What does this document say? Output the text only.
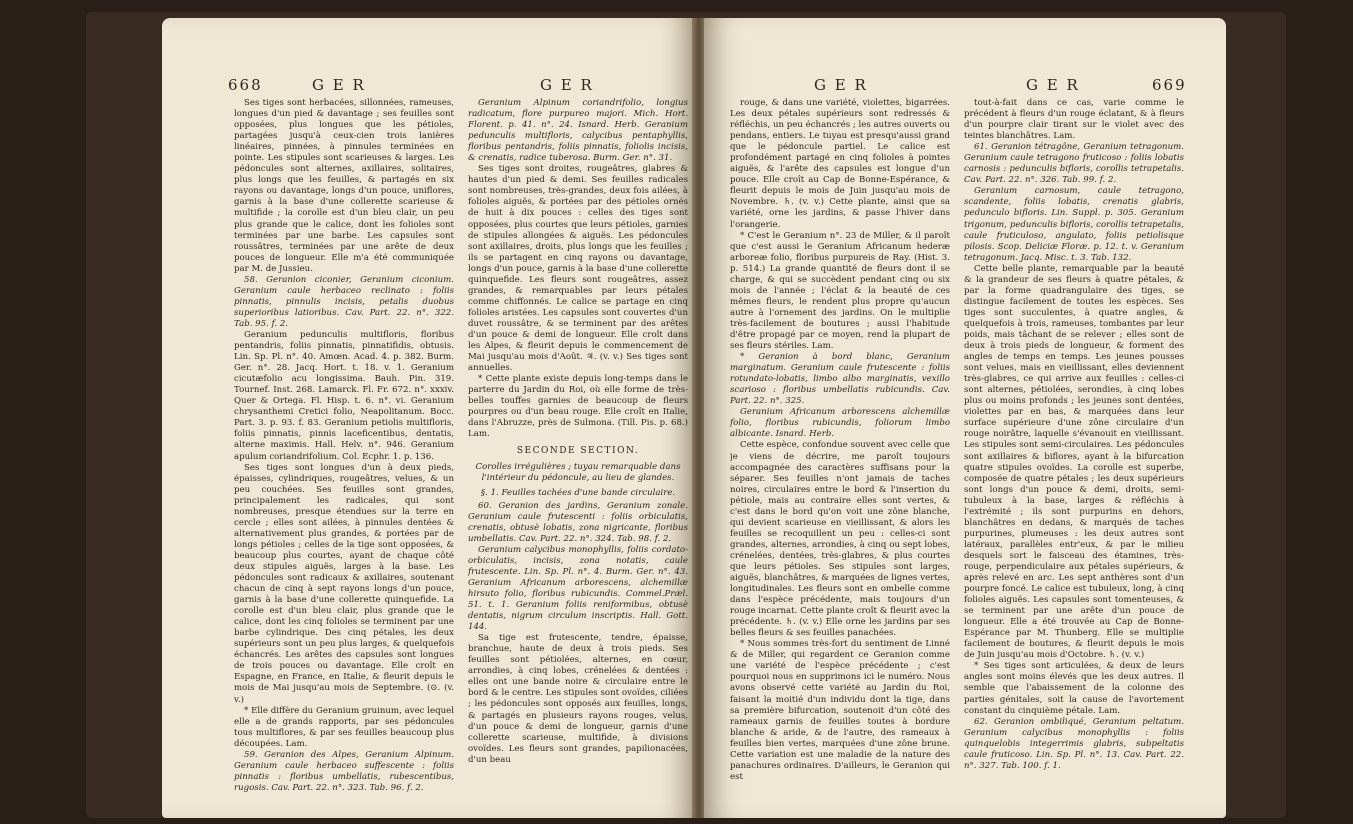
668	G E R	G E R

Ses tiges sont herbacées, sillonnées, rameuses, longues d'un pied & davantage ; ses feuilles sont opposées, plus longues que les pétioles, partagées jusqu'à ceux-cien trois lanières linéaires, pinnées, à pinnules terminées en pointe. Les stipules sont scarieuses & larges. Les pédoncules sont alternes, axillaires, solitaires, plus longs que les feuilles, & partagés en six rayons ou davantage, longs d'un pouce, uniflores, garnis à la base d'une collerette scarieuse & multifide ; la corolle est d'un bleu clair, un peu plus grande que le calice, dont les folioles sont terminées par une barbe. Les capsules sont roussâtres, terminées par une arête de deux pouces de longueur. Elle m'a été communiquée par M. de Jussieu.

58. Geranion ciconier, Geranium ciconium. Geranium caule herbaceo reclinato : foliis pinnatis, pinnulis incisis, petalis duobus superioribus latioribus. Cav. Part. 22. n°. 322. Tab. 95. f. 2.

Geranium pedunculis multifloris, floribus pentandris, foliis pinnatis, pinnatifidis, obtusis. Lin. Sp. Pl. n°. 40. Amœn. Acad. 4. p. 382. Burm. Ger. n°. 28. Jacq. Hort. t. 18. v. 1. Geranium cicutæfolio acu longissima. Bauh. Pin. 319. Tournef. Inst. 268. Lamarck. Fl. Fr. 672. n°. xxxiv. Quer & Ortega. Fl. Hisp. t. 6. n°. vi. Geranium chrysanthemi Cretici folio, Neapolitanum. Bocc. Part. 3. p. 93. f. 83. Geranium petiolis multifloris, foliis pinnatis, pinnis laceficentibus, dentatis, alterne maximis. Hall. Helv. n°. 946. Geranium apulum coriandrifolium. Col. Ecphr. 1. p. 136.

Ses tiges sont longues d'un à deux pieds, épaisses, cylindriques, rougeâtres, velues, & un peu couchées. Ses feuilles sont grandes, principalement les radicales, qui sont nombreuses, presque étendues sur la terre en cercle ; elles sont ailées, à pinnules dentées & alternativement plus grandes, & portées par de longs pétioles ; celles de la tige sont opposées, & beaucoup plus courtes, ayant de chaque côté deux stipules aiguës, larges à la base. Les pédoncules sont radicaux & axillaires, soutenant chacun de cinq à sept rayons longs d'un pouce, garnis à la base d'une collerette quinquefide. La corolle est d'un bleu clair, plus grande que le calice, dont les cinq folioles se terminent par une barbe cylindrique. Des cinq pétales, les deux supérieurs sont un peu plus larges, & quelquefois échancrés. Les arêtes des capsules sont longues de trois pouces ou davantage. Elle croît en Espagne, en France, en Italie, & fleurit depuis le mois de Mai jusqu'au mois de Septembre. (⊙. (v. v.)

* Elle diffère du Geranium gruinum, avec lequel elle a de grands rapports, par ses pédoncules tous multiflores, & par ses feuilles beaucoup plus découpées. Lam.

59. Geranion des Alpes, Geranium Alpinum. Geranium caule herbaceo suffescente : foliis pinnatis : floribus umbellatis, rubescentibus, rugosis. Cav. Part. 22. n°. 323. Tab. 96. f. 2.

Geranium Alpinum coriandrifolio, longius radicatum, flore purpureo majori. Mich. Hort. Florent. p. 41. n°. 24. Isnard. Herb. Geranium pedunculis multifloris, calycibus pentaphyllis, floribus pentandris, foliis pinnatis, foliolis incisis, & crenatis, radice tuberosa. Burm. Ger. n°. 31.

Ses tiges sont droites, rougeâtres, glabres & hautes d'un pied & demi. Ses feuilles radicales sont nombreuses, très-grandes, deux fois ailées, à folioles aiguës, & portées par des pétioles ornés de huit à dix pouces : celles des tiges sont opposées, plus courtes que leurs pétioles, garnies de stipules allongées & aiguës. Les pédoncules sont axillaires, droits, plus longs que les feuilles ; ils se partagent en cinq rayons ou davantage, longs d'un pouce, garnis à la base d'une collerette quinquefide. Les fleurs sont rougeâtres, assez grandes, & remarquables par leurs pétales comme chiffonnés. Le calice se partage en cinq folioles aristées. Les capsules sont couvertes d'un duvet roussâtre, & se terminent par des arêtes d'un pouce & demi de longueur. Elle croît dans les Alpes, & fleurit depuis le commencement de Mai jusqu'au mois d'Août. ♃. (v. v.) Ses tiges sont annuelles.

* Cette plante existe depuis long-temps dans le parterre du Jardin du Roi, où elle forme de très-belles touffes garnies de beaucoup de fleurs pourpres ou d'un beau rouge. Elle croît en Italie, dans l'Abruzze, près de Sulmona. (Till. Pis. p. 68.) Lam.

SECONDE SECTION.

Corolles irrégulières ; tuyau remarquable dans l'intérieur du pédoncule, au lieu de glandes.

§. 1. Feuilles tachées d'une bande circulaire.

60. Geranion des jardins, Geranium zonale. Geranium caule frutescenti : foliis orbiculatis, crenatis, obtusè lobatis, zona nigricante, floribus umbellatis. Cav. Part. 22. n°. 324. Tab. 98. f. 2.

Geranium calycibus monophyllis, foliis cordato-orbiculatis, incisis, zona notatis, caule frutescente. Lin. Sp. Pl. n°. 4. Burm. Ger. n°. 43. Geranium Africanum arborescens, alchemillæ hirsuto folio, floribus rubicundis. Commel.Præl. 51. t. 1. Geranium foliis reniformibus, obtusè dentatis, nigrum circulum inscriptis. Hall. Gott. 144.

Sa tige est frutescente, tendre, épaisse, branchue, haute de deux à trois pieds. Ses feuilles sont pétiolées, alternes, en cœur, arrondies, à cinq lobes, crénelées & dentées : elles ont une bande noire & circulaire entre le bord & le centre. Les stipules sont ovoïdes, ciliées ; les pédoncules sont opposés aux feuilles, longs, & partagés en plusieurs rayons rouges, velus, d'un pouce & demi de longueur, garnis d'une collerette scarieuse, multifide, à divisions ovoïdes. Les fleurs sont grandes, papilionacées, d'un beau

G E R	G E R	669

rouge, & dans une variété, violettes, bigarrées. Les deux pétales supérieurs sont redressés & réfléchis, un peu échancrés ; les autres ouverts ou pendans, entiers. Le tuyau est presqu'aussi grand que le pédoncule partiel. Le calice est profondément partagé en cinq folioles à pointes aiguës, & l'arête des capsules est longue d'un pouce. Elle croît au Cap de Bonne-Espérance, & fleurit depuis le mois de Juin jusqu'au mois de Novembre. ♄. (v. v.) Cette plante, ainsi que sa variété, orne les jardins, & passe l'hiver dans l'orangerie.

* C'est le Geranium n°. 23 de Miller, & il paroît que c'est aussi le Geranium Africanum hederæ arboreæ folio, floribus purpureis de Ray. (Hist. 3. p. 514.) La grande quantité de fleurs dont il se charge, & qui se succèdent pendant cinq ou six mois de l'année ; l'éclat & la beauté de ces mêmes fleurs, le rendent plus propre qu'aucun autre à l'ornement des jardins. On le multiplie très-facilement de boutures ; aussi l'habitude d'être propagé par ce moyen, rend la plupart de ses fleurs stériles. Lam.

* Geranion à bord blanc, Geranium marginatum. Geranium caule frutescente : foliis rotundato-lobatis, limbo albo marginatis, vexillo scarioso : floribus umbellatis rubicundis. Cav. Part. 22. n°. 325.

Geranium Africanum arborescens alchemillæ folio, floribus rubicundis, foliorum limbo albicante. Isnard. Herb.

Cette espèce, confondue souvent avec celle que je viens de décrire, me paroît toujours accompagnée des caractères suffisans pour la séparer. Ses feuilles n'ont jamais de taches noires, circulaires entre le bord & l'insertion du pétiole, mais au contraire elles sont vertes, & c'est dans le bord qu'on voit une zône blanche, qui devient scarieuse en vieillissant, & alors les feuilles se recoquillent un peu : celles-ci sont grandes, alternes, arrondies, à cinq ou sept lobes, crénelées, dentées, très-glabres, & plus courtes que leurs pétioles. Ses stipules sont larges, aiguës, blanchâtres, & marquées de lignes vertes, longitudinales. Les fleurs sont en ombelle comme dans l'espèce précédente, mais toujours d'un rouge incarnat. Cette plante croît & fleurit avec la précédente. ♄. (v. v.) Elle orne les jardins par ses belles fleurs & ses feuilles panachées.

* Nous sommes très-fort du sentiment de Linné & de Miller, qui regardent ce Geranion comme une variété de l'espèce précédente ; c'est pourquoi nous en supprimons ici le numéro. Nous avons observé cette variété au Jardin du Roi, faisant la moitié d'un individu dont la tige, dans sa première bifurcation, soutenoit d'un côté des rameaux garnis de feuilles toutes à bordure blanche & aride, & de l'autre, des rameaux à feuilles bien vertes, marquées d'une zône brune. Cette variation est une maladie de la nature des panachures ordinaires. D'ailleurs, le Geranion qui est

tout-à-fait dans ce cas, varie comme le précédent à fleurs d'un rouge éclatant, & à fleurs d'un pourpre clair tirant sur le violet avec des teintes blanchâtres. Lam.

61. Geranion tétragône, Geranium tetragonum. Geranium caule tetragono fruticoso : foliis lobatis carnosis : pedunculis bifloris, corollis tetrapetalis. Cav. Part. 22. n°. 326. Tab. 99. f. 2.

Geranium carnosum, caule tetragono, scandente, foliis lobatis, crenatis glabris, pedunculo bifloris. Lin. Suppl. p. 305. Geranium trigonum, pedunculis bifloris, corollis tetrapetalis, caule fruticuloso, angulato, foliis petiolisque pilosis. Scop. Deliciæ Floræ. p. 12. t. v. Geranium tetragonum. Jacq. Misc. t. 3. Tab. 132.

Cette belle plante, remarquable par la beauté & la grandeur de ses fleurs à quatre pétales, & par la forme quadrangulaire des tiges, se distingue facilement de toutes les espèces. Ses tiges sont succulentes, à quatre angles, & quelquefois à trois, rameuses, tombantes par leur poids, mais tâchant de se relever ; elles sont de deux à trois pieds de longueur, & forment des angles de temps en temps. Les jeunes pousses sont velues, mais en vieillissant, elles deviennent très-glabres, ce qui arrive aux feuilles : celles-ci sont alternes, pétiolées, serondies, à cinq lobes plus ou moins profonds ; les jeunes sont dentées, violettes par en bas, & marquées dans leur surface supérieure d'une zône circulaire d'un rouge noirâtre, laquelle s'évanouit en vieillissant. Les stipules sont semi-circulaires. Les pédoncules sont axillaires & biflores, ayant à la bifurcation quatre stipules ovoïdes. La corolle est superbe, composée de quatre pétales ; les deux supérieurs sont longs d'un pouce & demi, droits, semi-tubuleux à la base, larges & réfléchis à l'extrémité ; ils sont purpurins en dehors, blanchâtres en dedans, & marqués de taches purpurines, plumeuses : les deux autres sont latéraux, parallèles entr'eux, & par le milieu desquels sort le faisceau des étamines, très-rouge, perpendiculaire aux pétales supérieurs, & après relevé en arc. Les sept anthères sont d'un pourpre foncé. Le calice est tubuleux, long, à cinq folioles aiguës. Les capsules sont tomenteuses, & se terminent par une arête d'un pouce de longueur. Elle a été trouvée au Cap de Bonne-Espérance par M. Thunberg. Elle se multiplie facilement de boutures, & fleurit depuis le mois de Juin jusqu'au mois d'Octobre. ♄. (v. v.)

* Ses tiges sont articulées, & deux de leurs angles sont moins élevés que les deux autres. Il semble que l'abaissement de la colonne des parties génitales, soit la cause de l'avortement constant du cinquième pétale. Lam.

62. Geranion ombiliqué, Geranium peltatum. Geranium calycibus monophyllis : foliis quinquelobis integerrimis glabris, subpeltatis caule fruticoso. Lin. Sp. Pl. n°. 13. Cav. Part. 22. n°. 327. Tab. 100. f. 1.
